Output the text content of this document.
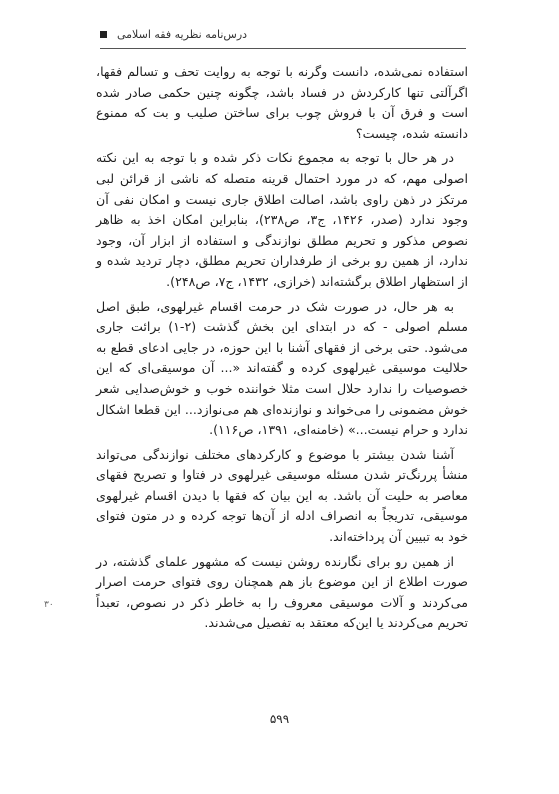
درس‌نامه نظریه فقه اسلامی

استفاده نمی‌شده، دانست وگرنه با توجه به روایت تحف و تسالم فقها، اگرآلتی تنها کارکردش در فساد باشد، چگونه چنین حکمی صادر شده است و فرق آن با فروش چوب برای ساختن صلیب و بت که ممنوع دانسته شده، چیست؟

در هر حال با توجه به مجموع نکات ذکر شده و با توجه به این نکته اصولی مهم، که در مورد احتمال قرینه متصله که ناشی از قرائن لبی مرتکز در ذهن راوی باشد، اصالت اطلاق جاری نیست و امکان نفی آن وجود ندارد (صدر، ۱۴۲۶، ج۳، ص۲۳۸)، بنابراین امکان اخذ به ظاهر نصوص مذکور و تحریم مطلق نوازندگی و استفاده از ابزار آن، وجود ندارد، از همین رو برخی از طرفداران تحریم مطلق، دچار تردید شده و از استظهار اطلاق برگشته‌اند (خرازی، ۱۴۳۲، ج۷، ص۲۴۸).

به هر حال، در صورت شک در حرمت اقسام غیرلهوی، طبق اصل مسلم اصولی - که در ابتدای این بخش گذشت (۲-۱) برائت جاری می‌شود. حتی برخی از فقهای آشنا با این حوزه، در جایی ادعای قطع به حلالیت موسیقی غیرلهوی کرده و گفته‌اند «... آن موسیقی‌ای که این خصوصیات را ندارد حلال است مثلا خواننده خوب و خوش‌صدایی شعر خوش مضمونی را می‌خواند و نوازنده‌ای هم می‌نوازد... این قطعا اشکال ندارد و حرام نیست...» (خامنه‌ای، ۱۳۹۱، ص۱۱۶).

آشنا شدن بیشتر با موضوع و کارکردهای مختلف نوازندگی می‌تواند منشأ پررنگ‌تر شدن مسئله موسیقی غیرلهوی در فتاوا و تصریح فقهای معاصر به حلیت آن باشد. به این بیان که فقها با دیدن اقسام غیرلهوی موسیقی، تدریجاً به انصراف ادله از آن‌ها توجه کرده و در متون فتوای خود به تبیین آن پرداخته‌اند.

از همین رو برای نگارنده روشن نیست که مشهور علمای گذشته، در صورت اطلاع از این موضوع باز هم همچنان روی فتوای حرمت اصرار می‌کردند و آلات موسیقی معروف را به خاطر ذکر در نصوص، تعبداً تحریم می‌کردند یا این‌که معتقد به تفصیل می‌شدند.

۳۰
۵۹۹
